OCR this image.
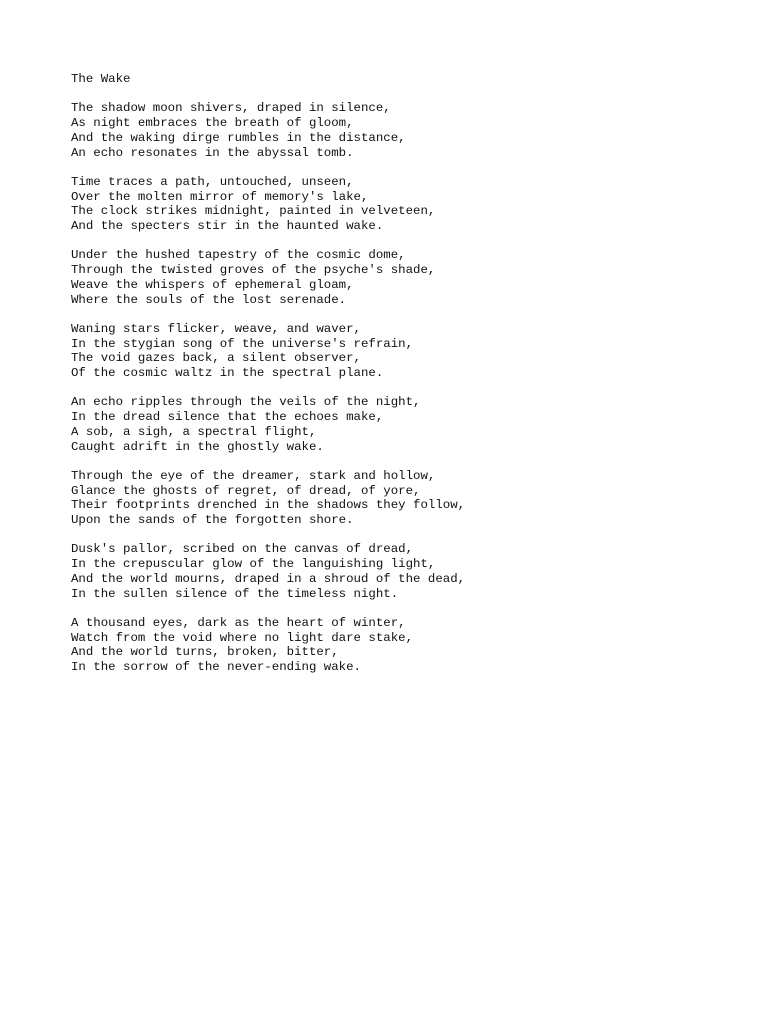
The Wake
The shadow moon shivers, draped in silence,
As night embraces the breath of gloom,
And the waking dirge rumbles in the distance,
An echo resonates in the abyssal tomb.
Time traces a path, untouched, unseen,
Over the molten mirror of memory's lake,
The clock strikes midnight, painted in velveteen,
And the specters stir in the haunted wake.
Under the hushed tapestry of the cosmic dome,
Through the twisted groves of the psyche's shade,
Weave the whispers of ephemeral gloam,
Where the souls of the lost serenade.
Waning stars flicker, weave, and waver,
In the stygian song of the universe's refrain,
The void gazes back, a silent observer,
Of the cosmic waltz in the spectral plane.
An echo ripples through the veils of the night,
In the dread silence that the echoes make,
A sob, a sigh, a spectral flight,
Caught adrift in the ghostly wake.
Through the eye of the dreamer, stark and hollow,
Glance the ghosts of regret, of dread, of yore,
Their footprints drenched in the shadows they follow,
Upon the sands of the forgotten shore.
Dusk's pallor, scribed on the canvas of dread,
In the crepuscular glow of the languishing light,
And the world mourns, draped in a shroud of the dead,
In the sullen silence of the timeless night.
A thousand eyes, dark as the heart of winter,
Watch from the void where no light dare stake,
And the world turns, broken, bitter,
In the sorrow of the never-ending wake.
